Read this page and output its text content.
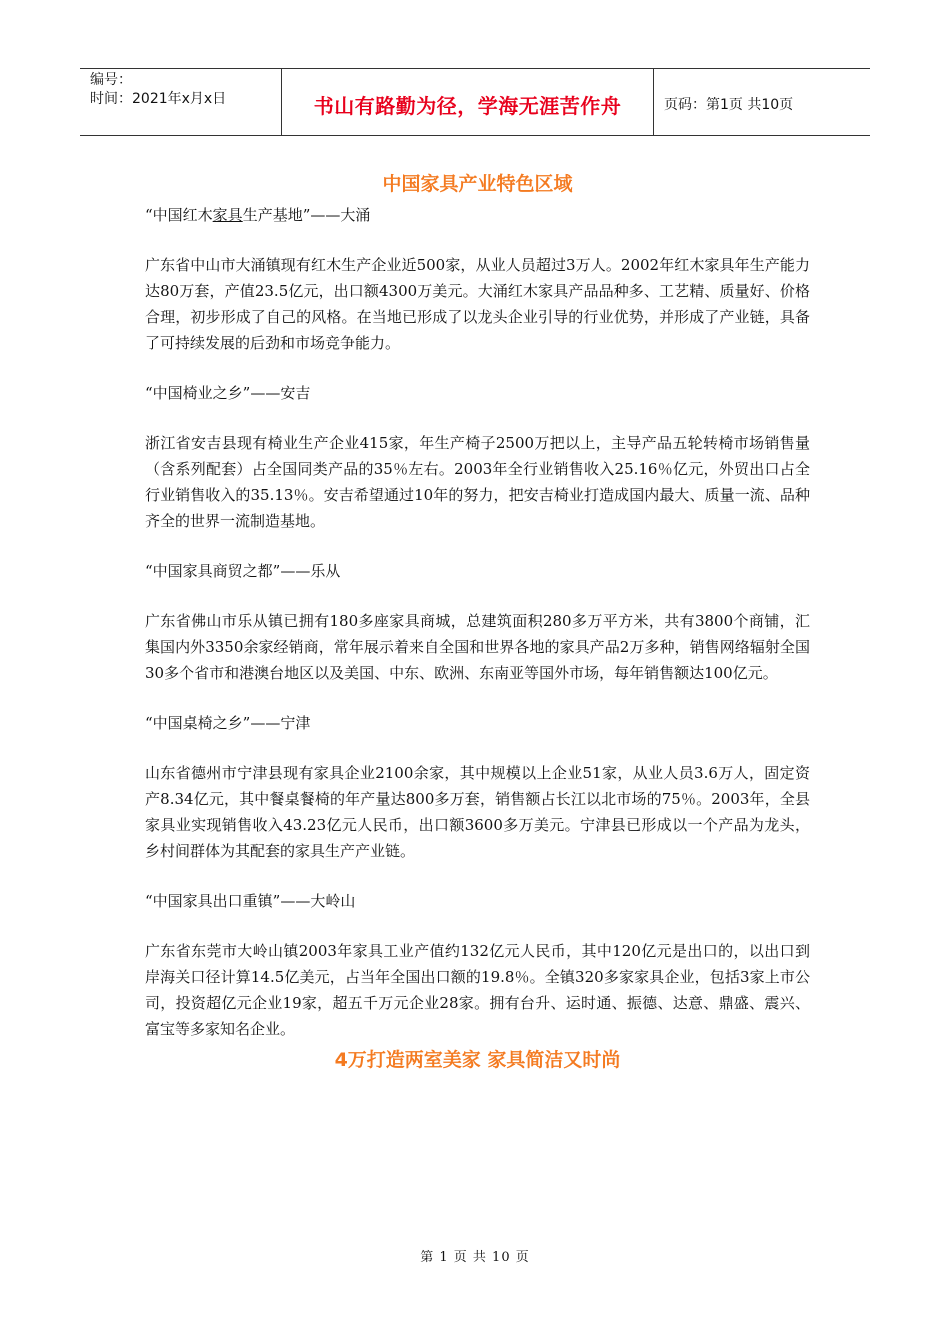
编号：
时间：2021年x月x日	书山有路勤为径，学海无涯苦作舟	页码：第1页 共10页
中国家具产业特色区域

“中国红木家具生产基地”——大涌

广东省中山市大涌镇现有红木生产企业近500家，从业人员超过3万人。2002年红木家具年生产能力达80万套，产值23.5亿元，出口额4300万美元。大涌红木家具产品品种多、工艺精、质量好、价格合理，初步形成了自己的风格。在当地已形成了以龙头企业引导的行业优势，并形成了产业链，具备了可持续发展的后劲和市场竞争能力。

“中国椅业之乡”——安吉

浙江省安吉县现有椅业生产企业415家，年生产椅子2500万把以上，主导产品五轮转椅市场销售量（含系列配套）占全国同类产品的35％左右。2003年全行业销售收入25.16％亿元，外贸出口占全行业销售收入的35.13％。安吉希望通过10年的努力，把安吉椅业打造成国内最大、质量一流、品种齐全的世界一流制造基地。

“中国家具商贸之都”——乐从

广东省佛山市乐从镇已拥有180多座家具商城，总建筑面积280多万平方米，共有3800个商铺，汇集国内外3350余家经销商，常年展示着来自全国和世界各地的家具产品2万多种，销售网络辐射全国30多个省市和港澳台地区以及美国、中东、欧洲、东南亚等国外市场，每年销售额达100亿元。

“中国桌椅之乡”——宁津

山东省德州市宁津县现有家具企业2100余家，其中规模以上企业51家，从业人员3.6万人，固定资产8.34亿元，其中餐桌餐椅的年产量达800多万套，销售额占长江以北市场的75％。2003年，全县家具业实现销售收入43.23亿元人民币，出口额3600多万美元。宁津县已形成以一个产品为龙头，乡村间群体为其配套的家具生产产业链。

“中国家具出口重镇”——大岭山

广东省东莞市大岭山镇2003年家具工业产值约132亿元人民币，其中120亿元是出口的，以出口到岸海关口径计算14.5亿美元，占当年全国出口额的19.8％。全镇320多家家具企业，包括3家上市公司，投资超亿元企业19家，超五千万元企业28家。拥有台升、运时通、振德、达意、鼎盛、震兴、富宝等多家知名企业。

4万打造两室美家 家具简洁又时尚
第 1 页 共 10 页
